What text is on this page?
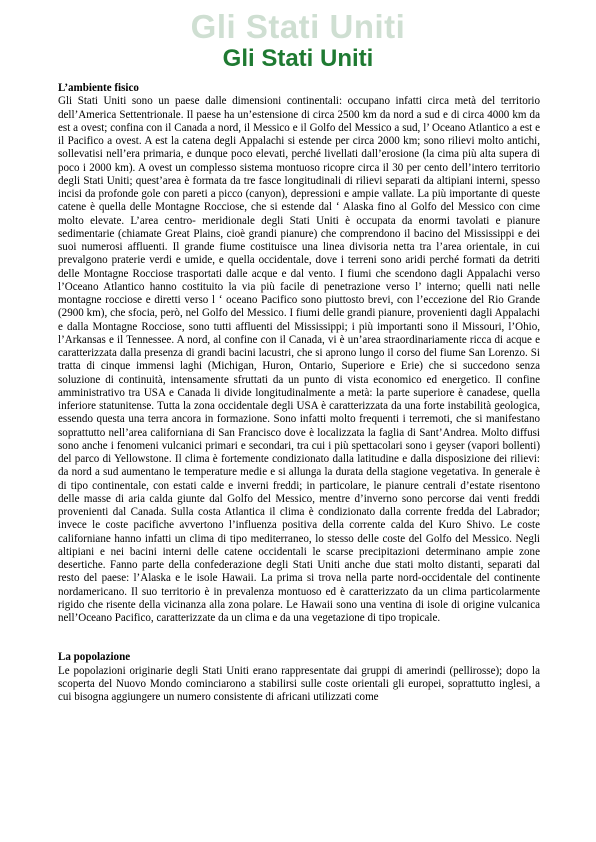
Gli Stati Uniti
Gli Stati Uniti

L’ambiente fisico

Gli Stati Uniti sono un paese dalle dimensioni continentali: occupano infatti circa metà del territorio dell’America Settentrionale. Il paese ha un’estensione di circa 2500 km da nord a sud e di circa 4000 km da est a ovest; confina con il Canada a nord, il Messico e il Golfo del Messico a sud, l’ Oceano Atlantico a est e il Pacifico a ovest. A est la catena degli Appalachi si estende per circa 2000 km; sono rilievi molto antichi, sollevatisi nell’era primaria, e dunque poco elevati, perché livellati dall’erosione (la cima più alta supera di poco i 2000 km). A ovest un complesso sistema montuoso ricopre circa il 30 per cento dell’intero territorio degli Stati Uniti; quest’area è formata da tre fasce longitudinali di rilievi separati da altipiani interni, spesso incisi da profonde gole con pareti a picco (canyon), depressioni e ampie vallate. La più importante di queste catene è quella delle Montagne Rocciose, che si estende dal ‘ Alaska fino al Golfo del Messico con cime molto elevate. L’area centro- meridionale degli Stati Uniti è occupata da enormi tavolati e pianure sedimentarie (chiamate Great Plains, cioè grandi pianure) che comprendono il bacino del Mississippi e dei suoi numerosi affluenti. Il grande fiume costituisce una linea divisoria netta tra l’area orientale, in cui prevalgono praterie verdi e umide, e quella occidentale, dove i terreni sono aridi perché formati da detriti delle Montagne Rocciose trasportati dalle acque e dal vento. I fiumi che scendono dagli Appalachi verso l’Oceano Atlantico hanno costituito la via più facile di penetrazione verso l’ interno; quelli nati nelle montagne rocciose e diretti verso l ‘ oceano Pacifico sono piuttosto brevi, con l’eccezione del Rio Grande (2900 km), che sfocia, però, nel Golfo del Messico. I fiumi delle grandi pianure, provenienti dagli Appalachi e dalla Montagne Rocciose, sono tutti affluenti del Mississippi; i più importanti sono il Missouri, l’Ohio, l’Arkansas e il Tennessee. A nord, al confine con il Canada, vi è un’area straordinariamente ricca di acque e caratterizzata dalla presenza di grandi bacini lacustri, che si aprono lungo il corso del fiume San Lorenzo. Si tratta di cinque immensi laghi (Michigan, Huron, Ontario, Superiore e Erie) che si succedono senza soluzione di continuità, intensamente sfruttati da un punto di vista economico ed energetico. Il confine amministrativo tra USA e Canada li divide longitudinalmente a metà: la parte superiore è canadese, quella inferiore statunitense. Tutta la zona occidentale degli USA è caratterizzata da una forte instabilità geologica, essendo questa una terra ancora in formazione. Sono infatti molto frequenti i terremoti, che si manifestano soprattutto nell’area californiana di San Francisco dove è localizzata la faglia di Sant’Andrea. Molto diffusi sono anche i fenomeni vulcanici primari e secondari, tra cui i più spettacolari sono i geyser (vapori bollenti) del parco di Yellowstone. Il clima è fortemente condizionato dalla latitudine e dalla disposizione dei rilievi: da nord a sud aumentano le temperature medie e si allunga la durata della stagione vegetativa. In generale è di tipo continentale, con estati calde e inverni freddi; in particolare, le pianure centrali d’estate risentono delle masse di aria calda giunte dal Golfo del Messico, mentre d’inverno sono percorse dai venti freddi provenienti dal Canada. Sulla costa Atlantica il clima è condizionato dalla corrente fredda del Labrador; invece le coste pacifiche avvertono l’influenza positiva della corrente calda del Kuro Shivo. Le coste californiane hanno infatti un clima di tipo mediterraneo, lo stesso delle coste del Golfo del Messico. Negli altipiani e nei bacini interni delle catene occidentali le scarse precipitazioni determinano ampie zone desertiche. Fanno parte della confederazione degli Stati Uniti anche due stati molto distanti, separati dal resto del paese: l’Alaska e le isole Hawaii. La prima si trova nella parte nord-occidentale del continente nordamericano. Il suo territorio è in prevalenza montuoso ed è caratterizzato da un clima particolarmente rigido che risente della vicinanza alla zona polare. Le Hawaii sono una ventina di isole di origine vulcanica nell’Oceano Pacifico, caratterizzate da un clima e da una vegetazione di tipo tropicale.

La popolazione

Le popolazioni originarie degli Stati Uniti erano rappresentate dai gruppi di amerindi (pellirosse); dopo la scoperta del Nuovo Mondo cominciarono a stabilirsi sulle coste orientali gli europei, soprattutto inglesi, a cui bisogna aggiungere un numero consistente di africani utilizzati come
